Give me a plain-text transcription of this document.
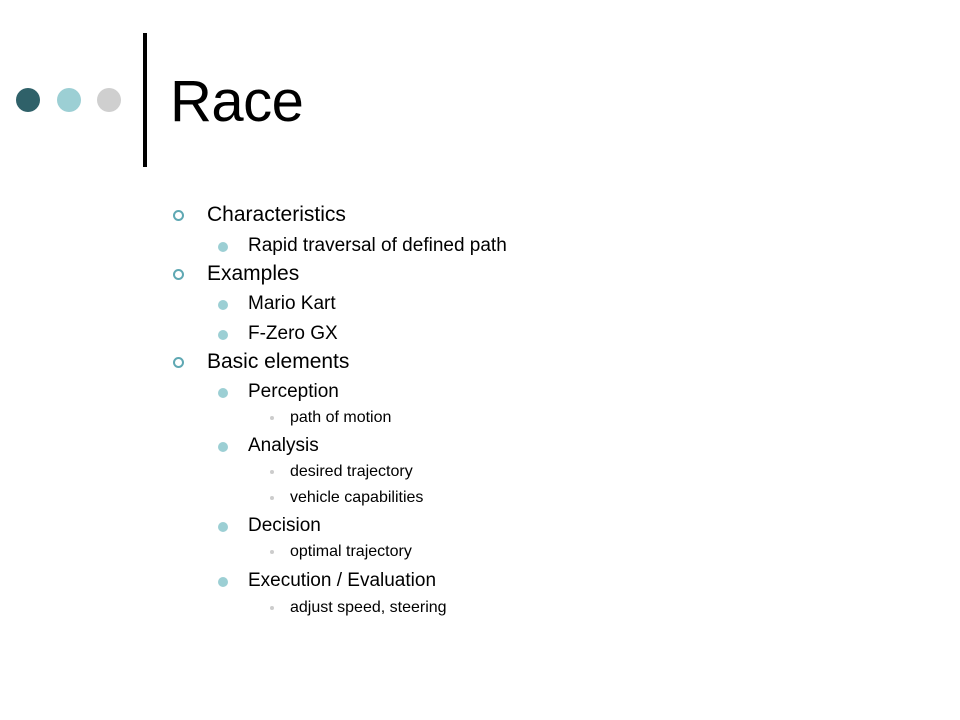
Race
Characteristics
Rapid traversal of defined path
Examples
Mario Kart
F-Zero GX
Basic elements
Perception
path of motion
Analysis
desired trajectory
vehicle capabilities
Decision
optimal trajectory
Execution / Evaluation
adjust speed, steering
